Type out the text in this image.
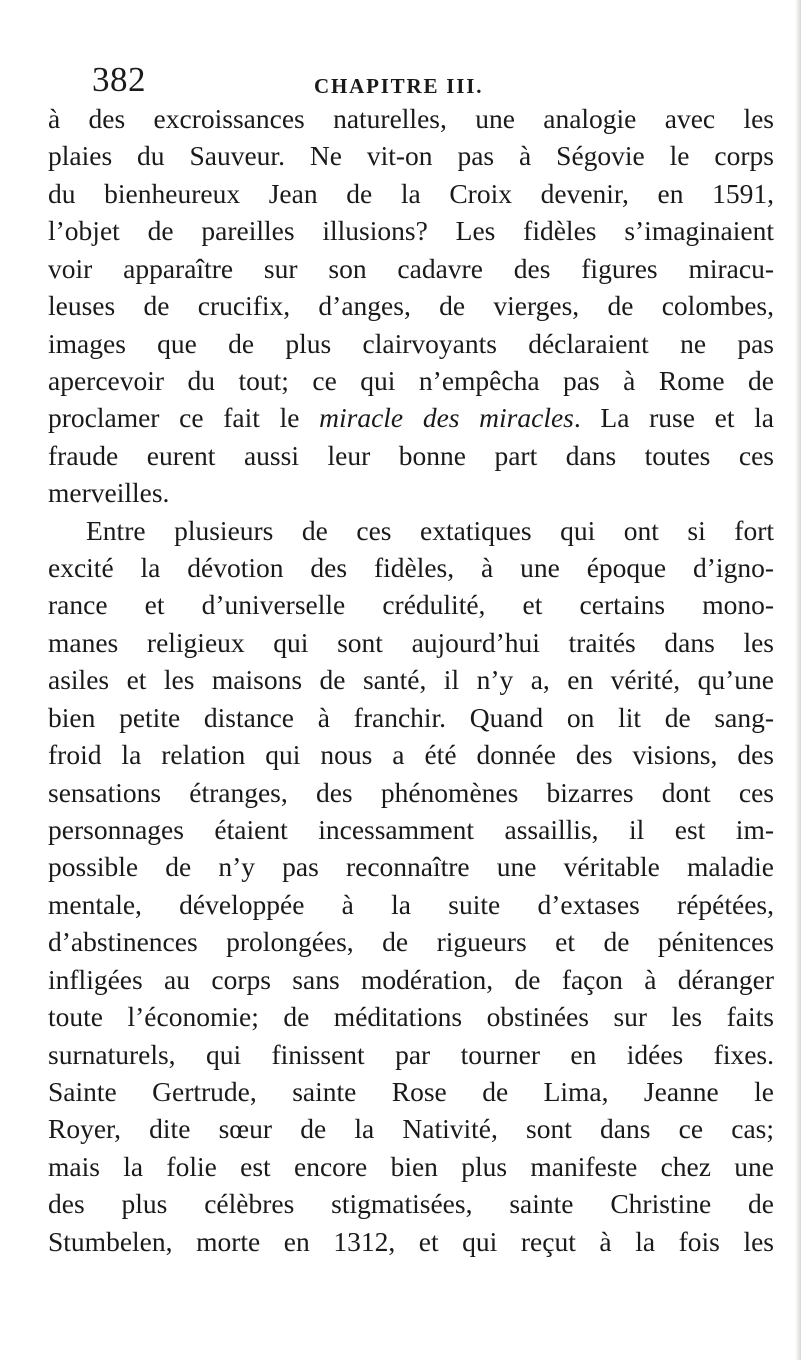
382	CHAPITRE III.
à des excroissances naturelles, une analogie avec les
plaies du Sauveur. Ne vit-on pas à Ségovie le corps
du bienheureux Jean de la Croix devenir, en 1591,
l’objet de pareilles illusions? Les fidèles s’imaginaient
voir apparaître sur son cadavre des figures miracu-
leuses de crucifix, d’anges, de vierges, de colombes,
images que de plus clairvoyants déclaraient ne pas
apercevoir du tout; ce qui n’empêcha pas à Rome de
proclamer ce fait le miracle des miracles. La ruse et la
fraude eurent aussi leur bonne part dans toutes ces
merveilles.
Entre plusieurs de ces extatiques qui ont si fort
excité la dévotion des fidèles, à une époque d’igno-
rance et d’universelle crédulité, et certains mono-
manes religieux qui sont aujourd’hui traités dans les
asiles et les maisons de santé, il n’y a, en vérité, qu’une
bien petite distance à franchir. Quand on lit de sang-
froid la relation qui nous a été donnée des visions, des
sensations étranges, des phénomènes bizarres dont ces
personnages étaient incessamment assaillis, il est im-
possible de n’y pas reconnaître une véritable maladie
mentale, développée à la suite d’extases répétées,
d’abstinences prolongées, de rigueurs et de pénitences
infligées au corps sans modération, de façon à déranger
toute l’économie; de méditations obstinées sur les faits
surnaturels, qui finissent par tourner en idées fixes.
Sainte Gertrude, sainte Rose de Lima, Jeanne le
Royer, dite sœur de la Nativité, sont dans ce cas;
mais la folie est encore bien plus manifeste chez une
des plus célèbres stigmatisées, sainte Christine de
Stumbelen, morte en 1312, et qui reçut à la fois les
